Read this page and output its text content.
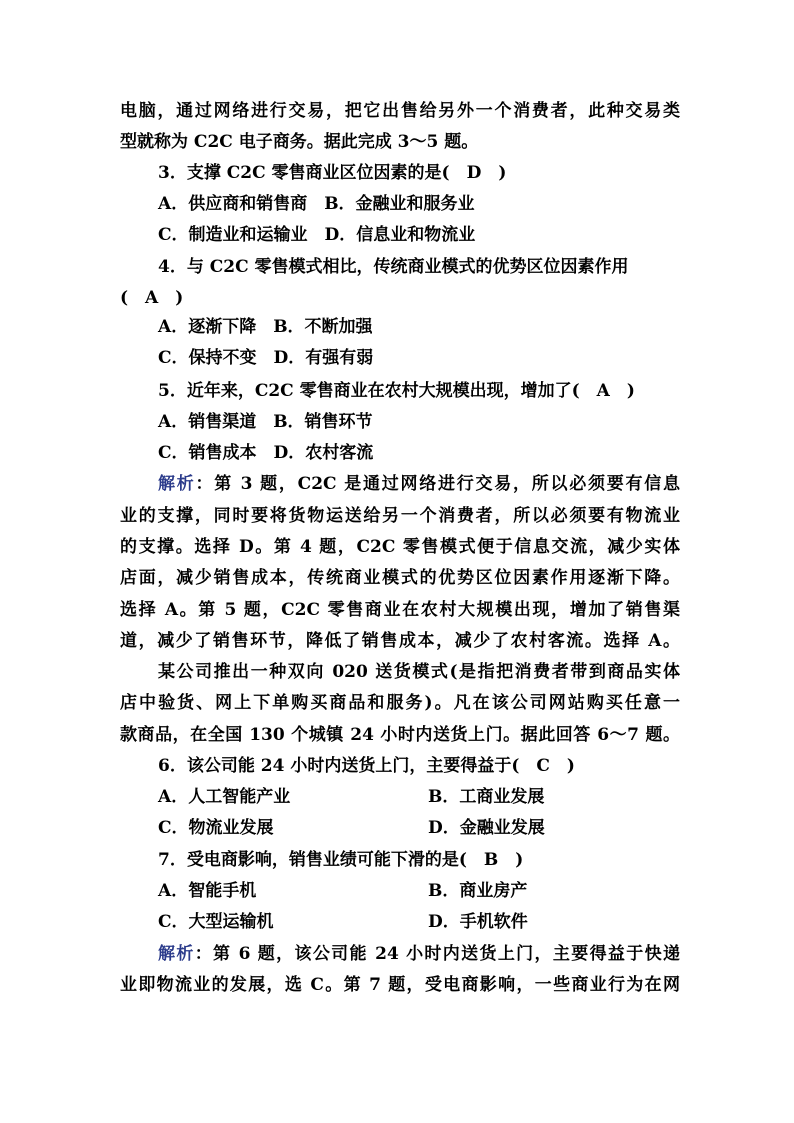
电脑，通过网络进行交易，把它出售给另外一个消费者，此种交易类
型就称为 C2C 电子商务。据此完成 3～5 题。
3．支撑 C2C 零售商业区位因素的是(　D　)
A．供应商和销售商　B．金融业和服务业
C．制造业和运输业　D．信息业和物流业
4．与 C2C 零售模式相比，传统商业模式的优势区位因素作用
(　A　)
A．逐渐下降　B．不断加强
C．保持不变　D．有强有弱
5．近年来，C2C 零售商业在农村大规模出现，增加了(　A　)
A．销售渠道　B．销售环节
C．销售成本　D．农村客流
解析：第 3 题，C2C 是通过网络进行交易，所以必须要有信息
业的支撑，同时要将货物运送给另一个消费者，所以必须要有物流业
的支撑。选择 D。第 4 题，C2C 零售模式便于信息交流，减少实体
店面，减少销售成本，传统商业模式的优势区位因素作用逐渐下降。
选择 A。第 5 题，C2C 零售商业在农村大规模出现，增加了销售渠
道，减少了销售环节，降低了销售成本，减少了农村客流。选择 A。
某公司推出一种双向 020 送货模式(是指把消费者带到商品实体
店中验货、网上下单购买商品和服务)。凡在该公司网站购买任意一
款商品，在全国 130 个城镇 24 小时内送货上门。据此回答 6～7 题。
6．该公司能 24 小时内送货上门，主要得益于(　C　)
A．人工智能产业	B．工商业发展
C．物流业发展	D．金融业发展
7．受电商影响，销售业绩可能下滑的是(　B　)
A．智能手机	B．商业房产
C．大型运输机	D．手机软件
解析：第 6 题，该公司能 24 小时内送货上门，主要得益于快递
业即物流业的发展，选 C。第 7 题，受电商影响，一些商业行为在网
